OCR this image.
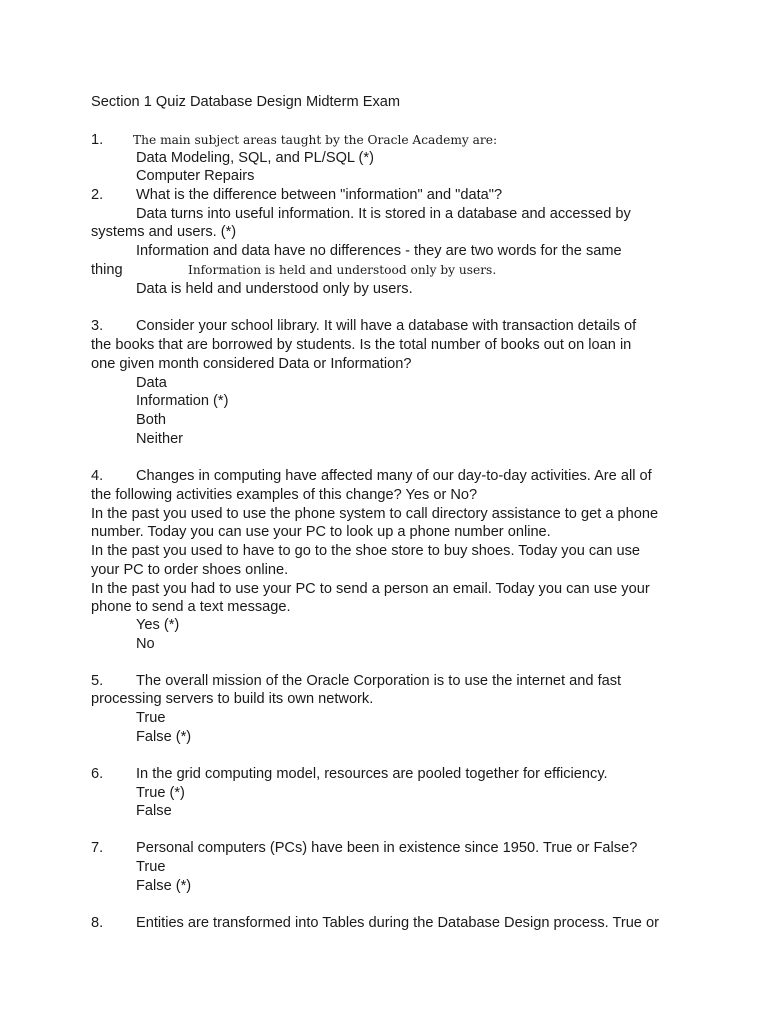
Section 1 Quiz Database Design Midterm Exam
1. The main subject areas taught by the Oracle Academy are:
Data Modeling, SQL, and PL/SQL (*)
Computer Repairs
2. What is the difference between "information" and "data"?
Data turns into useful information. It is stored in a database and accessed by
systems and users. (*)
Information and data have no differences - they are two words for the same
thing	Information is held and understood only by users.
Data is held and understood only by users.
3. Consider your school library. It will have a database with transaction details of
the books that are borrowed by students. Is the total number of books out on loan in
one given month considered Data or Information?
Data
Information (*)
Both
Neither
4. Changes in computing have affected many of our day-to-day activities. Are all of
the following activities examples of this change? Yes or No?
In the past you used to use the phone system to call directory assistance to get a phone
number. Today you can use your PC to look up a phone number online.
In the past you used to have to go to the shoe store to buy shoes. Today you can use
your PC to order shoes online.
In the past you had to use your PC to send a person an email. Today you can use your
phone to send a text message.
Yes (*)
No
5. The overall mission of the Oracle Corporation is to use the internet and fast
processing servers to build its own network.
True
False (*)
6. In the grid computing model, resources are pooled together for efficiency.
True (*)
False
7. Personal computers (PCs) have been in existence since 1950. True or False?
True
False (*)
8. Entities are transformed into Tables during the Database Design process. True or
